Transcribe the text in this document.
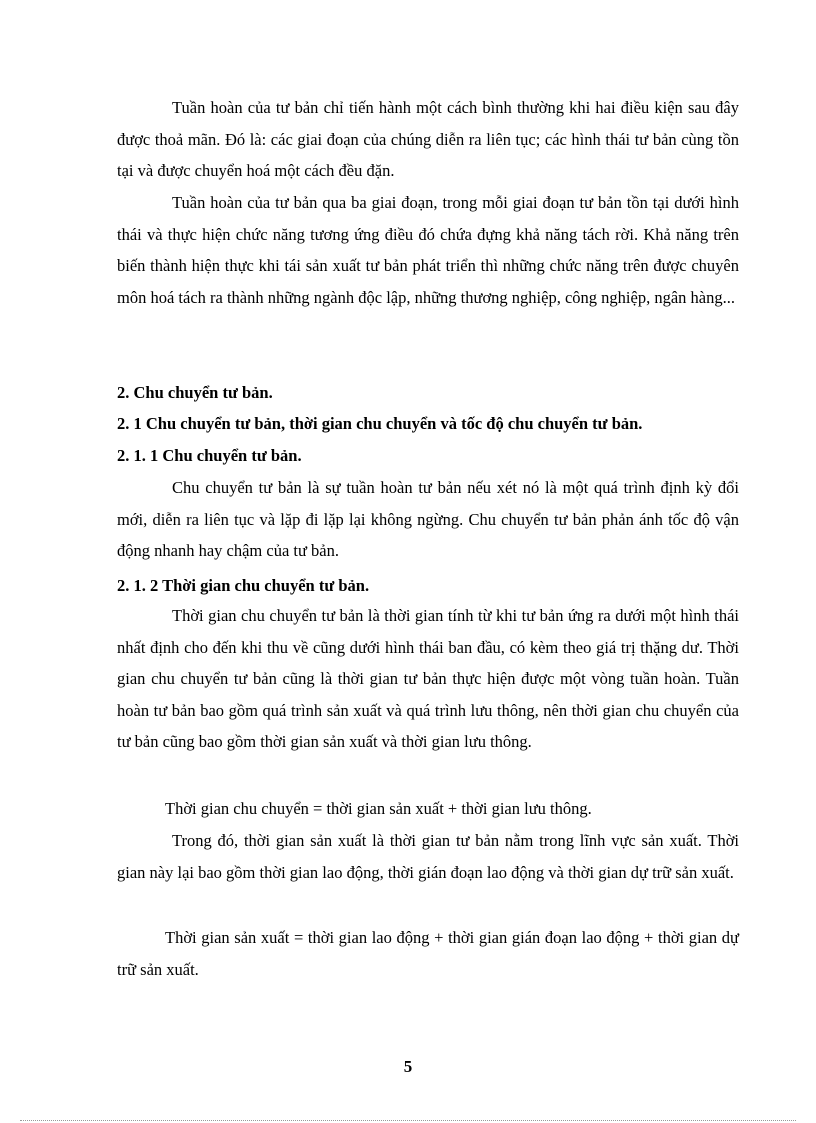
Tuần hoàn của tư bản chỉ tiến hành một cách bình thường khi hai điều kiện sau đây được thoả mãn. Đó là: các giai đoạn của chúng diễn ra liên tục; các hình thái tư bản cùng tồn tại và được chuyển hoá một cách đều đặn.

Tuần hoàn của tư bản qua ba giai đoạn, trong mỗi giai đoạn tư bản tồn tại dưới hình thái và thực hiện chức năng tương ứng điều đó chứa đựng khả năng tách rời. Khả năng trên biến thành hiện thực khi tái sản xuất tư bản phát triển thì những chức năng trên được chuyên môn hoá tách ra thành những ngành độc lập, những thương nghiệp, công nghiệp, ngân hàng...

2. Chu chuyển tư bản.
2. 1 Chu chuyển tư bản, thời gian chu chuyển và tốc độ chu chuyển tư bản.
2. 1. 1 Chu chuyển tư bản.

Chu chuyển tư bản là sự tuần hoàn tư bản nếu xét nó là một quá trình định kỳ đổi mới, diễn ra liên tục và lặp đi lặp lại không ngừng. Chu chuyển tư bản phản ánh tốc độ vận động nhanh hay chậm của tư bản.

2. 1. 2 Thời gian chu chuyển tư bản.

Thời gian chu chuyển tư bản là thời gian tính từ khi tư bản ứng ra dưới một hình thái nhất định cho đến khi thu về cũng dưới hình thái ban đầu, có kèm theo giá trị thặng dư. Thời gian chu chuyển tư bản cũng là thời gian tư bản thực hiện được một vòng tuần hoàn. Tuần hoàn tư bản bao gồm quá trình sản xuất và quá trình lưu thông, nên thời gian chu chuyển của tư bản cũng bao gồm thời gian sản xuất và thời gian lưu thông.

Thời gian chu chuyển = thời gian sản xuất + thời gian lưu thông.

Trong đó, thời gian sản xuất là thời gian tư bản nằm trong lĩnh vực sản xuất. Thời gian này lại bao gồm thời gian lao động, thời gián đoạn lao động và thời gian dự trữ sản xuất.

Thời gian sản xuất = thời gian lao động + thời gian gián đoạn lao động + thời gian dự trữ sản xuất.

5
